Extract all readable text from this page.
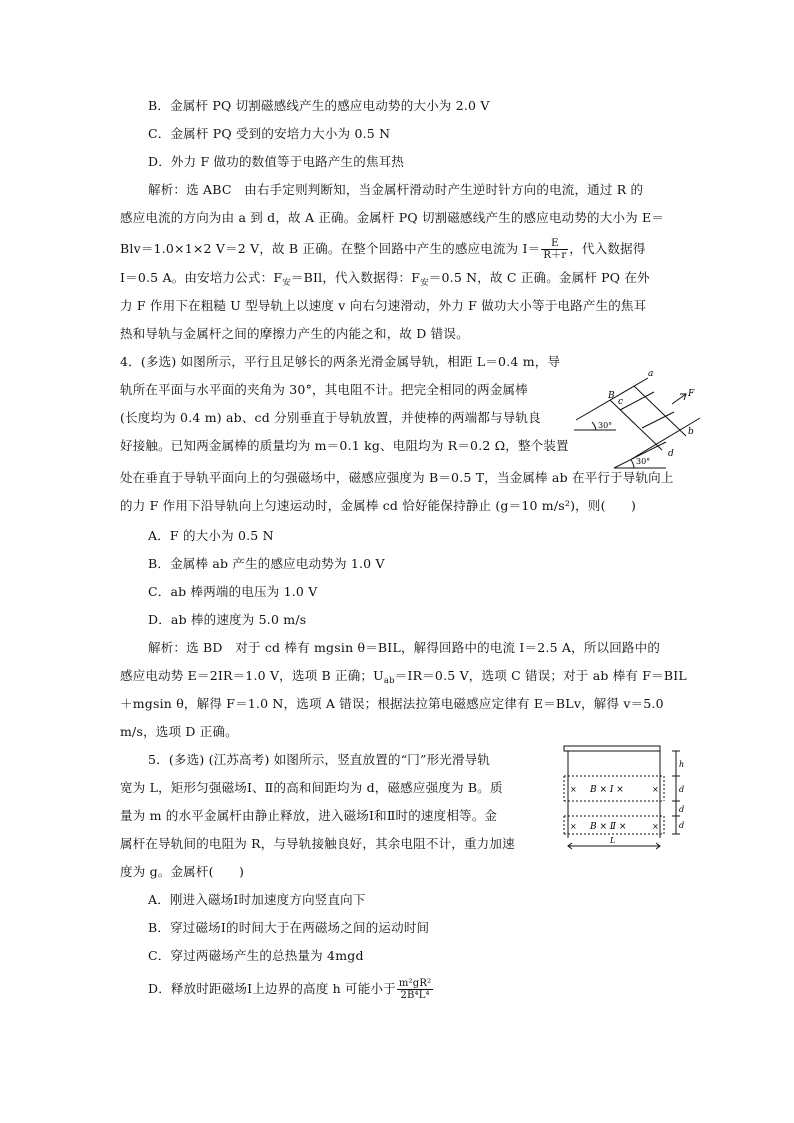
B．金属杆 PQ 切割磁感线产生的感应电动势的大小为 2.0 V
C．金属杆 PQ 受到的安培力大小为 0.5 N
D．外力 F 做功的数值等于电路产生的焦耳热
解析：选 ABC　由右手定则判断知，当金属杆滑动时产生逆时针方向的电流，通过 R 的
感应电流的方向为由 a 到 d，故 A 正确。金属杆 PQ 切割磁感线产生的感应电动势的大小为 E＝
Blv＝1.0×1×2 V＝2 V，故 B 正确。在整个回路中产生的感应电流为 $I= \frac{E}{R+r}$ ，代入数据得
I＝0.5 A。由安培力公式：$F_安=BIl$，代入数据得：$F_安=0.5$ N，故 C 正确。金属杆 PQ 在外
力 F 作用下在粗糙 U 型导轨上以速度 v 向右匀速滑动，外力 F 做功大小等于电路产生的焦耳
热和导轨与金属杆之间的摩擦力产生的内能之和，故 D 错误。
4．(多选) 如图所示，平行且足够长的两条光滑金属导轨，相距 L＝0.4 m，导
轨所在平面与水平面的夹角为 30°，其电阻不计。把完全相同的两金属棒
(长度均为 0.4 m) ab、cd 分别垂直于导轨放置，并使棒的两端都与导轨良
好接触。已知两金属棒的质量均为 m＝0.1 kg、电阻均为 R＝0.2 Ω，整个装置
处在垂直于导轨平面向上的匀强磁场中，磁感应强度为 B＝0.5 T，当金属棒 ab 在平行于导轨向上
的力 F 作用下沿导轨向上匀速运动时，金属棒 cd 恰好能保持静止 (g＝10 m/s²)，则(　　)
A．F 的大小为 0.5 N
B．金属棒 ab 产生的感应电动势为 1.0 V
C．ab 棒两端的电压为 1.0 V
D．ab 棒的速度为 5.0 m/s
B
a
c
b
d
F
30°
30°
解析：选 BD　对于 cd 棒有 mgsin θ＝BIL，解得回路中的电流 I＝2.5 A，所以回路中的
感应电动势 E＝2IR＝1.0 V，选项 B 正确；$U_{ab}=IR=0.5$ V，选项 C 错误；对于 ab 棒有 F＝BIL
＋mgsin θ，解得 F＝1.0 N，选项 A 错误；根据法拉第电磁感应定律有 E＝BLv，解得 v＝5.0
m/s，选项 D 正确。
5．(多选) (江苏高考) 如图所示，竖直放置的“冂”形光滑导轨
宽为 L，矩形匀强磁场Ⅰ、Ⅱ的高和间距均为 d，磁感应强度为 B。质
量为 m 的水平金属杆由静止释放，进入磁场Ⅰ和Ⅱ时的速度相等。金
属杆在导轨间的电阻为 R，与导轨接触良好，其余电阻不计，重力加速
度为 g。金属杆(　　)
A．刚进入磁场Ⅰ时加速度方向竖直向下
B．穿过磁场Ⅰ的时间大于在两磁场之间的运动时间
C．穿过两磁场产生的总热量为 4mgd
D．释放时距磁场Ⅰ上边界的高度 h 可能小于 $\frac{\text{m²gR²}}{\text{2B⁴L⁴}}$
× B × Ⅰ ×	×
× B × Ⅱ ×	×
h
d
d
d
L
